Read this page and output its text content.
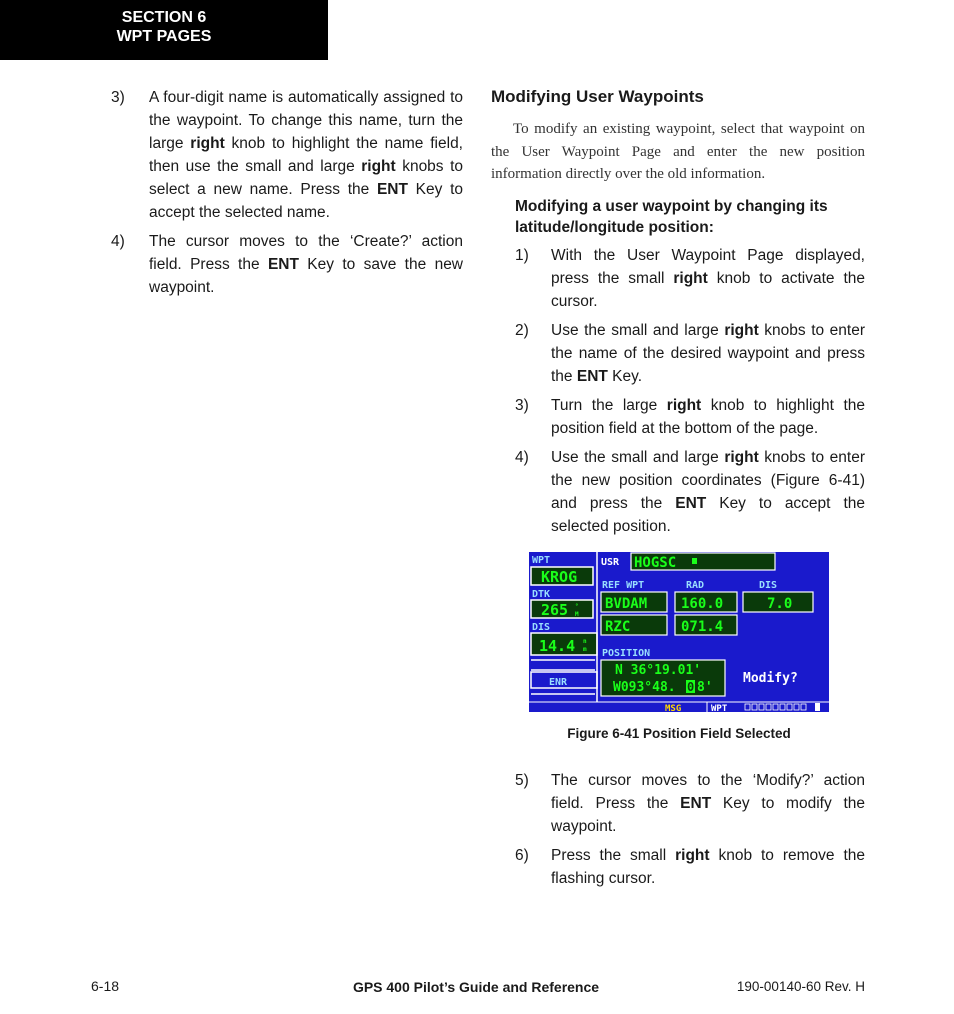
SECTION 6
WPT PAGES
3) A four-digit name is automatically assigned to the waypoint. To change this name, turn the large right knob to highlight the name field, then use the small and large right knobs to select a new name. Press the ENT Key to accept the selected name.
4) The cursor moves to the ‘Create?’ action field. Press the ENT Key to save the new waypoint.
Modifying User Waypoints
To modify an existing waypoint, select that waypoint on the User Waypoint Page and enter the new position information directly over the old information.
Modifying a user waypoint by changing its latitude/longitude position:
1) With the User Waypoint Page displayed, press the small right knob to activate the cursor.
2) Use the small and large right knobs to enter the name of the desired waypoint and press the ENT Key.
3) Turn the large right knob to highlight the position field at the bottom of the page.
4) Use the small and large right knobs to enter the new position coordinates (Figure 6-41) and press the ENT Key to accept the selected position.
WPT
KROG
DTK
265 °
M
DIS
14.4 n
m
ENR
USR HOGSC
REF WPT	RAD	DIS
BVDAM 160.0	7.0
RZC	071.4
POSITION
N 36°19.01'
W093°48. 0 8'
Modify?
MSG	WPT
Figure 6-41 Position Field Selected
5) The cursor moves to the ‘Modify?’ action field. Press the ENT Key to modify the waypoint.
6) Press the small right knob to remove the flashing cursor.
6-18	GPS 400 Pilot’s Guide and Reference	190-00140-60 Rev. H
